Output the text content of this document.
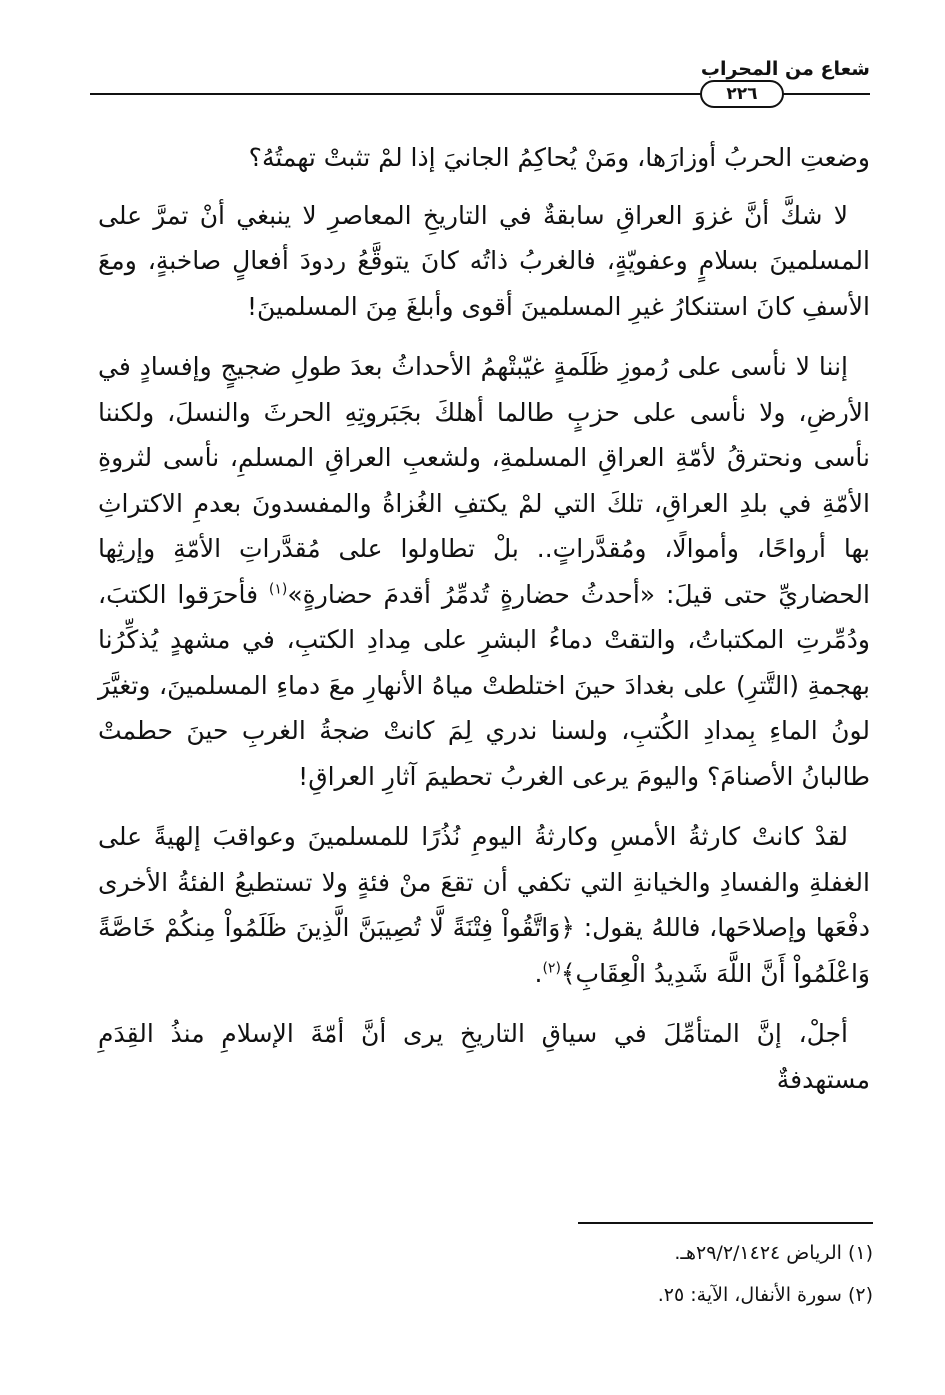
شعاع من المحراب
٢٢٦

وضعتِ الحربُ أوزارَها، ومَنْ يُحاكِمُ الجانيَ إذا لمْ تثبتْ تهمتُهُ؟

لا شكَّ أنَّ غزوَ العراقِ سابقةٌ في التاريخِ المعاصرِ لا ينبغي أنْ تمرَّ على المسلمينَ بسلامٍ وعفويّةٍ، فالغربُ ذاتُه كانَ يتوقَّعُ ردودَ أفعالٍ صاخبةٍ، ومعَ الأسفِ كانَ استنكارُ غيرِ المسلمينَ أقوى وأبلغَ مِنَ المسلمينَ!

إننا لا نأسى على رُموزِ ظَلَمةٍ غيّبتْهمُ الأحداثُ بعدَ طولِ ضجيجٍ وإفسادٍ في الأرضِ، ولا نأسى على حزبٍ طالما أهلكَ بجَبَروتِهِ الحرثَ والنسلَ، ولكننا نأسى ونحترقُ لأمّةِ العراقِ المسلمةِ، ولشعبِ العراقِ المسلمِ، نأسى لثروةِ الأمّةِ في بلدِ العراقِ، تلكَ التي لمْ يكتفِ الغُزاةُ والمفسدونَ بعدمِ الاكتراثِ بها أرواحًا، وأموالًا، ومُقدَّراتٍ.. بلْ تطاولوا على مُقدَّراتِ الأمّةِ وإرثِها الحضاريِّ حتى قيلَ: «أحدثُ حضارةٍ تُدمِّرُ أقدمَ حضارةٍ»$^{(١)}$ فأحرَقوا الكتبَ، ودُمِّرتِ المكتباتُ، والتقتْ دماءُ البشرِ على مِدادِ الكتبِ، في مشهدٍ يُذكِّرُنا بهجمةِ (التَّترِ) على بغدادَ حينَ اختلطتْ مياهُ الأنهارِ معَ دماءِ المسلمينَ، وتغيَّرَ لونُ الماءِ بِمدادِ الكُتبِ، ولسنا ندري لِمَ كانتْ ضجةُ الغربِ حينَ حطمتْ طالبانُ الأصنامَ؟ واليومَ يرعى الغربُ تحطيمَ آثارِ العراقِ!

لقدْ كانتْ كارثةُ الأمسِ وكارثةُ اليومِ نُذُرًا للمسلمينَ وعواقبَ إلهيةً على الغفلةِ والفسادِ والخيانةِ التي تكفي أن تقعَ منْ فئةٍ ولا تستطيعُ الفئةُ الأخرى دفْعَها وإصلاحَها، فاللهُ يقول: ﴿وَاتَّقُواْ فِتْنَةً لَّا تُصِيبَنَّ الَّذِينَ ظَلَمُواْ مِنكُمْ خَاصَّةً وَاعْلَمُواْ أَنَّ اللَّهَ شَدِيدُ الْعِقَابِ﴾$^{(٢)}$.

أجلْ، إنَّ المتأمِّلَ في سياقِ التاريخِ يرى أنَّ أمّةَ الإسلامِ منذُ القِدَمِ مستهدفةٌ

(١) الرياض ٢٩/٢/١٤٢٤هـ.
(٢) سورة الأنفال، الآية: ٢٥.
